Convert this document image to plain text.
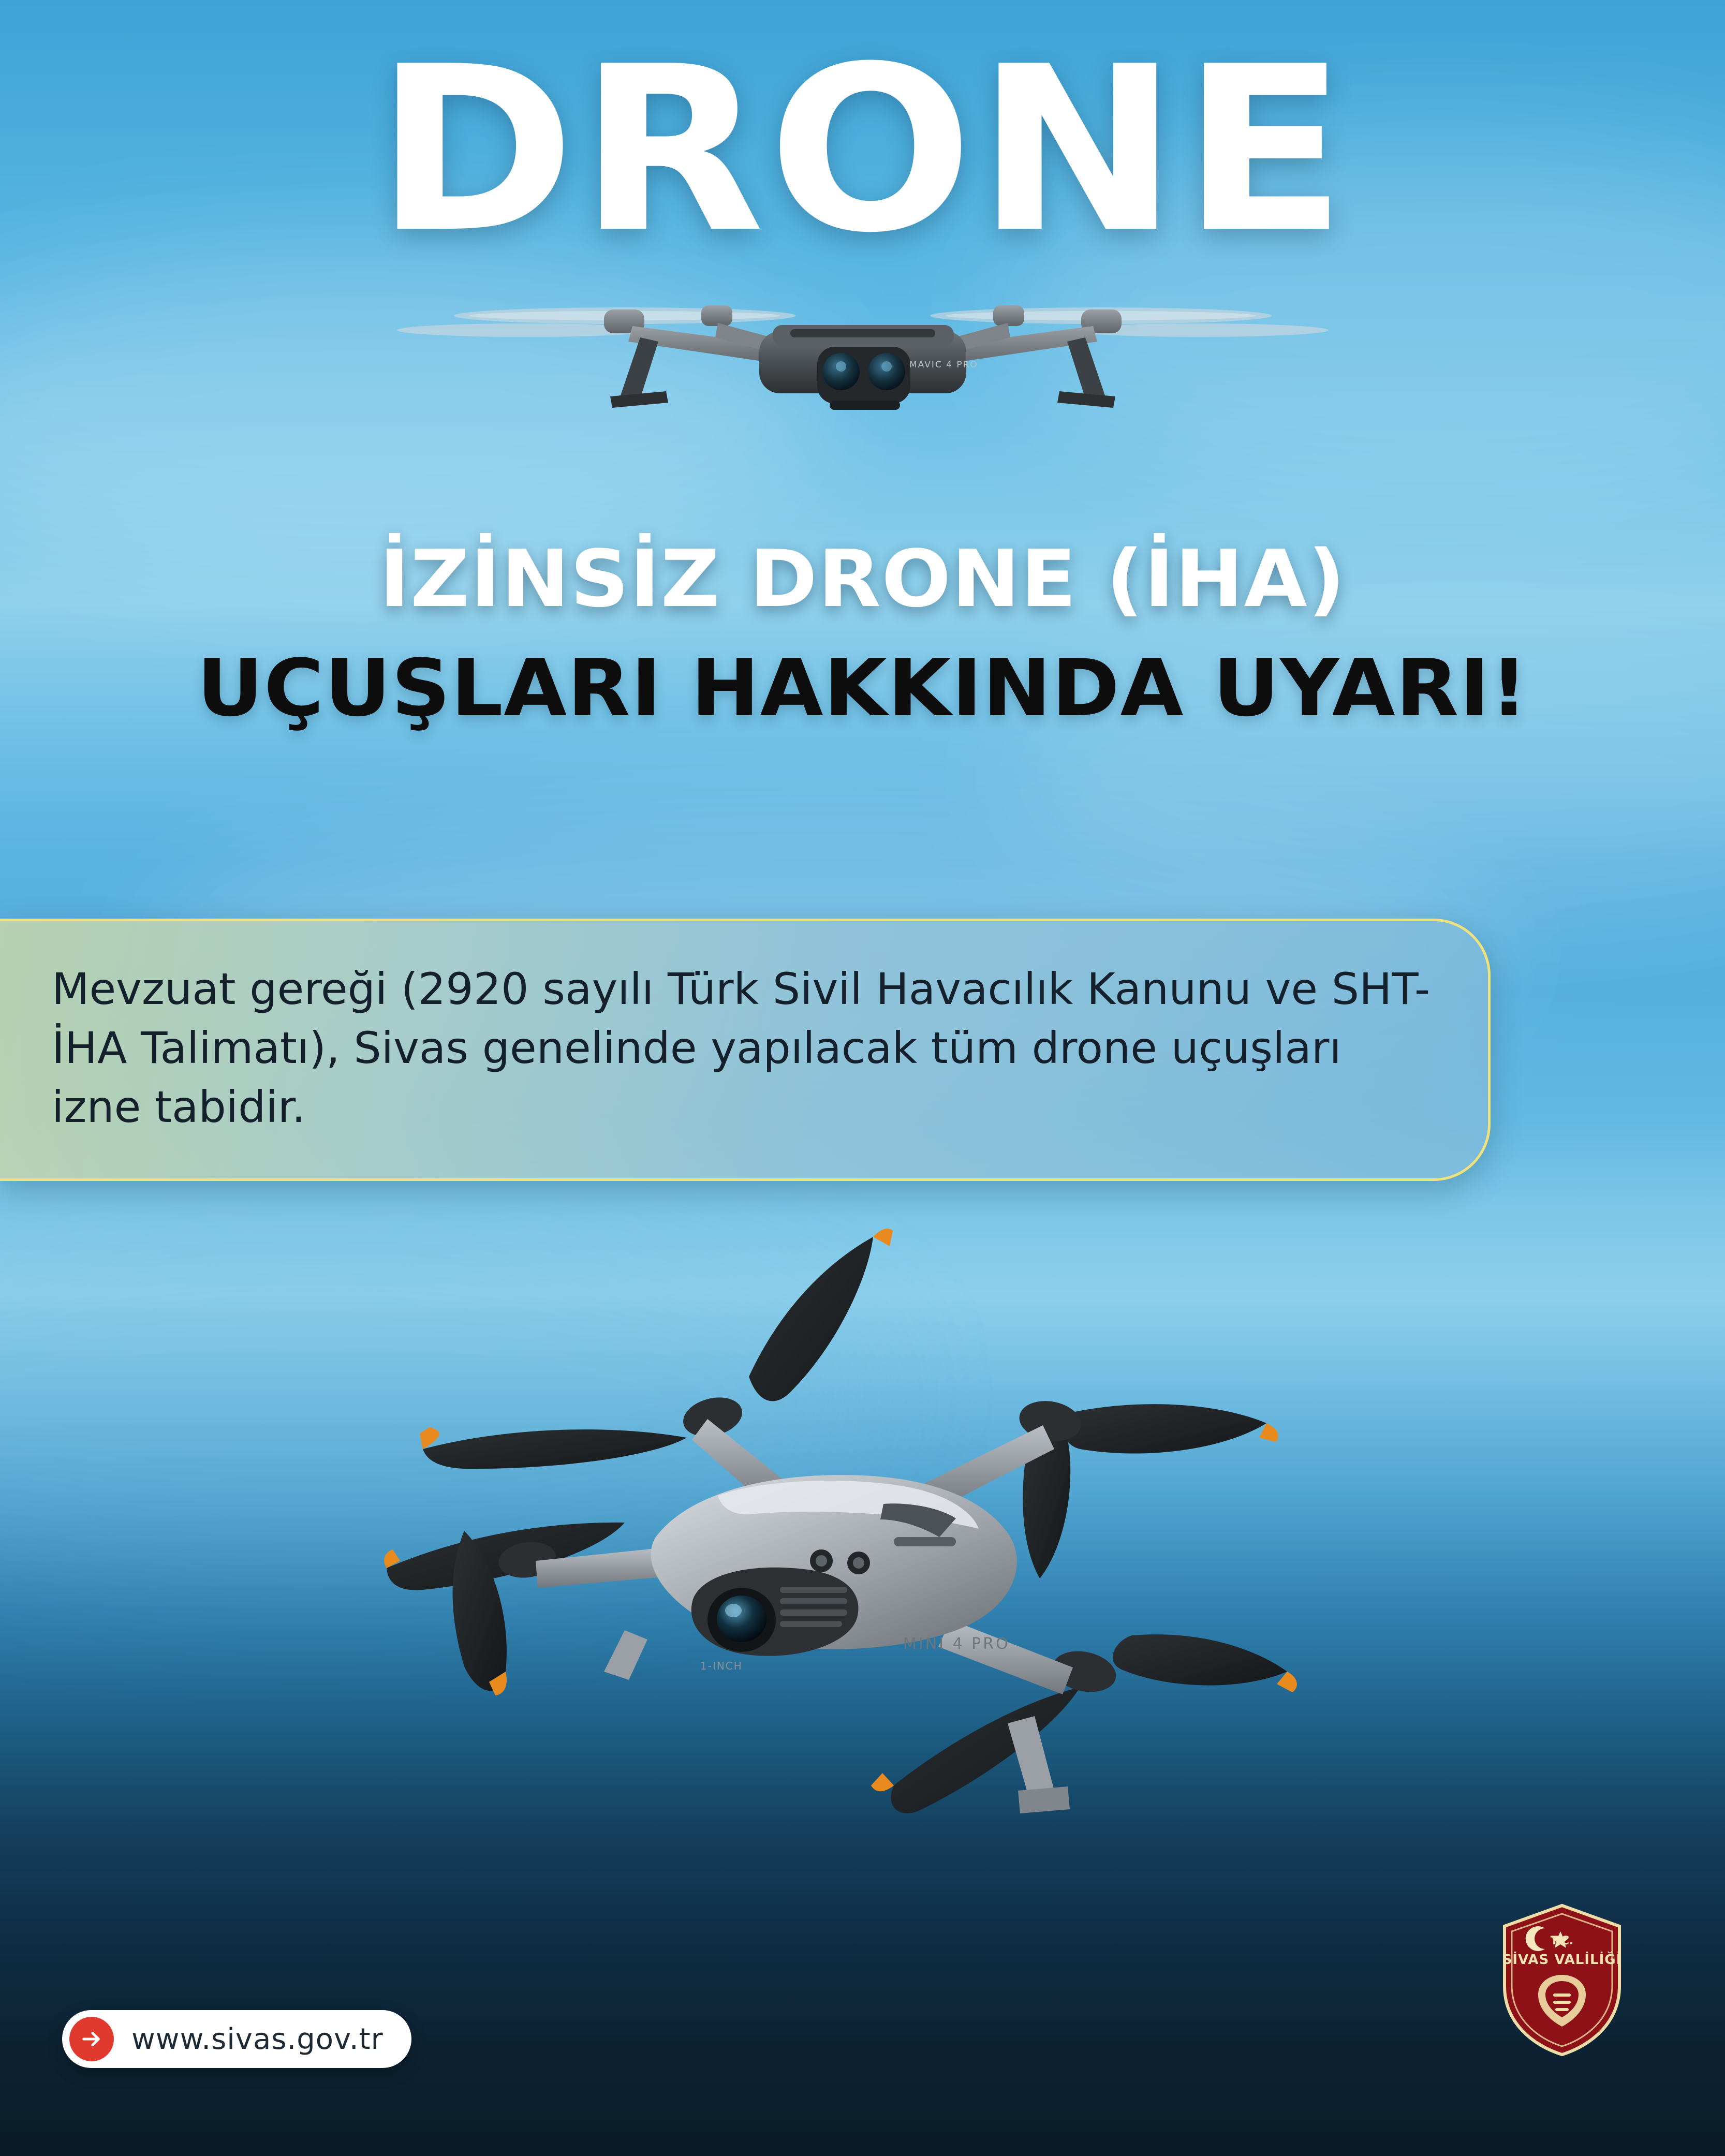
DRONE
MAVIC 4 PRO
İZİNSİZ DRONE (İHA)
UÇUŞLARI HAKKINDA UYARI!
Mevzuat gereği (2920 sayılı Türk Sivil Havacılık Kanunu ve SHT-İHA Talimatı), Sivas genelinde yapılacak tüm drone uçuşları izne tabidir.
MINI 4 PRO
1-INCH
www.sivas.gov.tr
T.C.
SİVAS VALİLİĞİ
